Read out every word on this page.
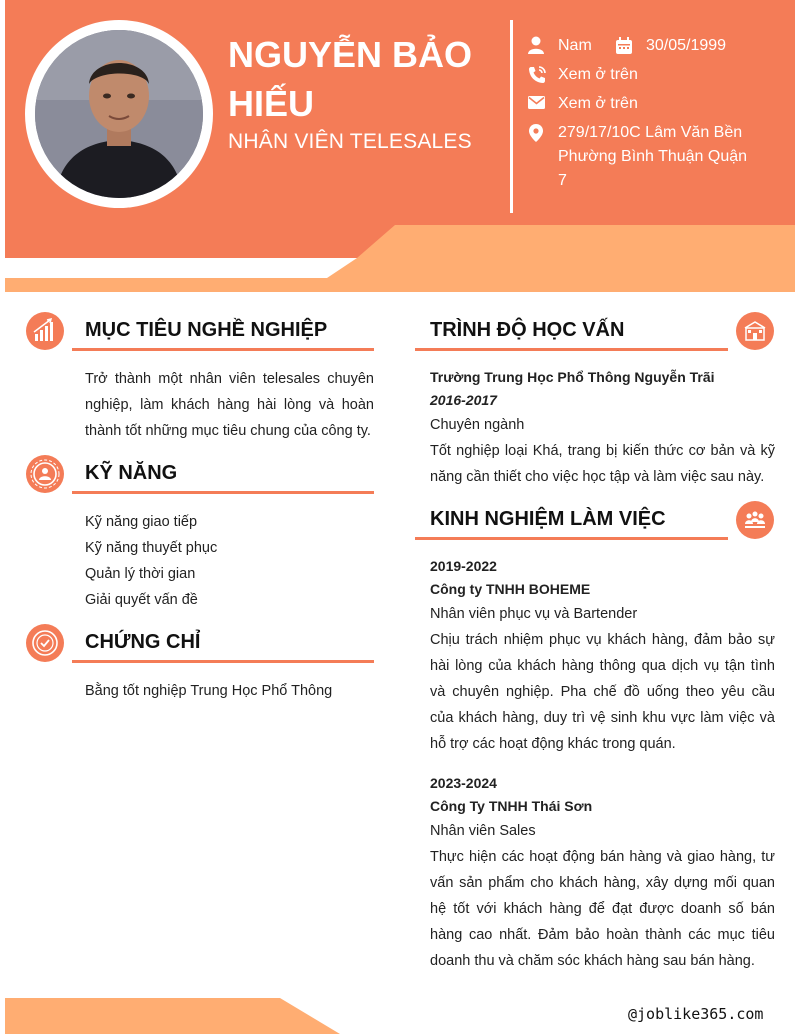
NGUYỄN BẢO HIẾU
NHÂN VIÊN TELESALES
Nam	30/05/1999
Xem ở trên
Xem ở trên
279/17/10C Lâm Văn Bền Phường Bình Thuận Quận 7
MỤC TIÊU NGHỀ NGHIỆP
Trở thành một nhân viên telesales chuyên nghiệp, làm khách hàng hài lòng và hoàn thành tốt những mục tiêu chung của công ty.
KỸ NĂNG
Kỹ năng giao tiếp
Kỹ năng thuyết phục
Quản lý thời gian
Giải quyết vấn đề
CHỨNG CHỈ
Bằng tốt nghiệp Trung Học Phổ Thông
TRÌNH ĐỘ HỌC VẤN
Trường Trung Học Phổ Thông Nguyễn Trãi
2016-2017
Chuyên ngành
Tốt nghiệp loại Khá, trang bị kiến thức cơ bản và kỹ năng cần thiết cho việc học tập và làm việc sau này.
KINH NGHIỆM LÀM VIỆC
2019-2022
Công ty TNHH BOHEME
Nhân viên phục vụ và Bartender
Chịu trách nhiệm phục vụ khách hàng, đảm bảo sự hài lòng của khách hàng thông qua dịch vụ tận tình và chuyên nghiệp. Pha chế đồ uống theo yêu cầu của khách hàng, duy trì vệ sinh khu vực làm việc và hỗ trợ các hoạt động khác trong quán.
2023-2024
Công Ty TNHH Thái Sơn
Nhân viên Sales
Thực hiện các hoạt động bán hàng và giao hàng, tư vấn sản phẩm cho khách hàng, xây dựng mối quan hệ tốt với khách hàng để đạt được doanh số bán hàng cao nhất. Đảm bảo hoàn thành các mục tiêu doanh thu và chăm sóc khách hàng sau bán hàng.
@joblike365.com
